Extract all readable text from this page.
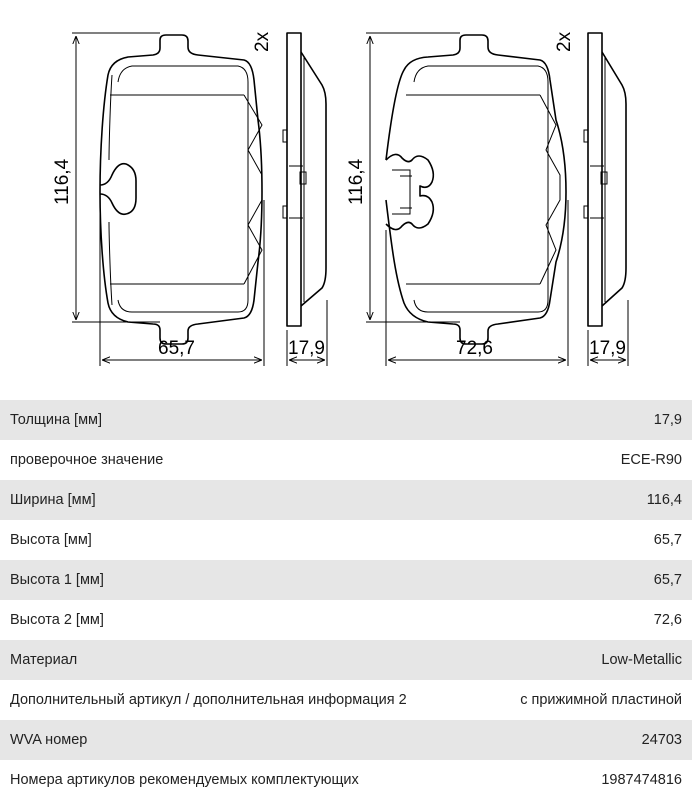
116,4
65,7	17,9
2x
116,4
72,6	17,9
2x
Толщина [мм]	17,9
проверочное значение	ECE-R90
Ширина [мм]	116,4
Высота [мм]	65,7
Высота 1 [мм]	65,7
Высота 2 [мм]	72,6
Материал	Low-Metallic
Дополнительный артикул / дополнительная информация 2	с прижимной пластиной
WVA номер	24703
Номера артикулов рекомендуемых комплектующих	1987474816
